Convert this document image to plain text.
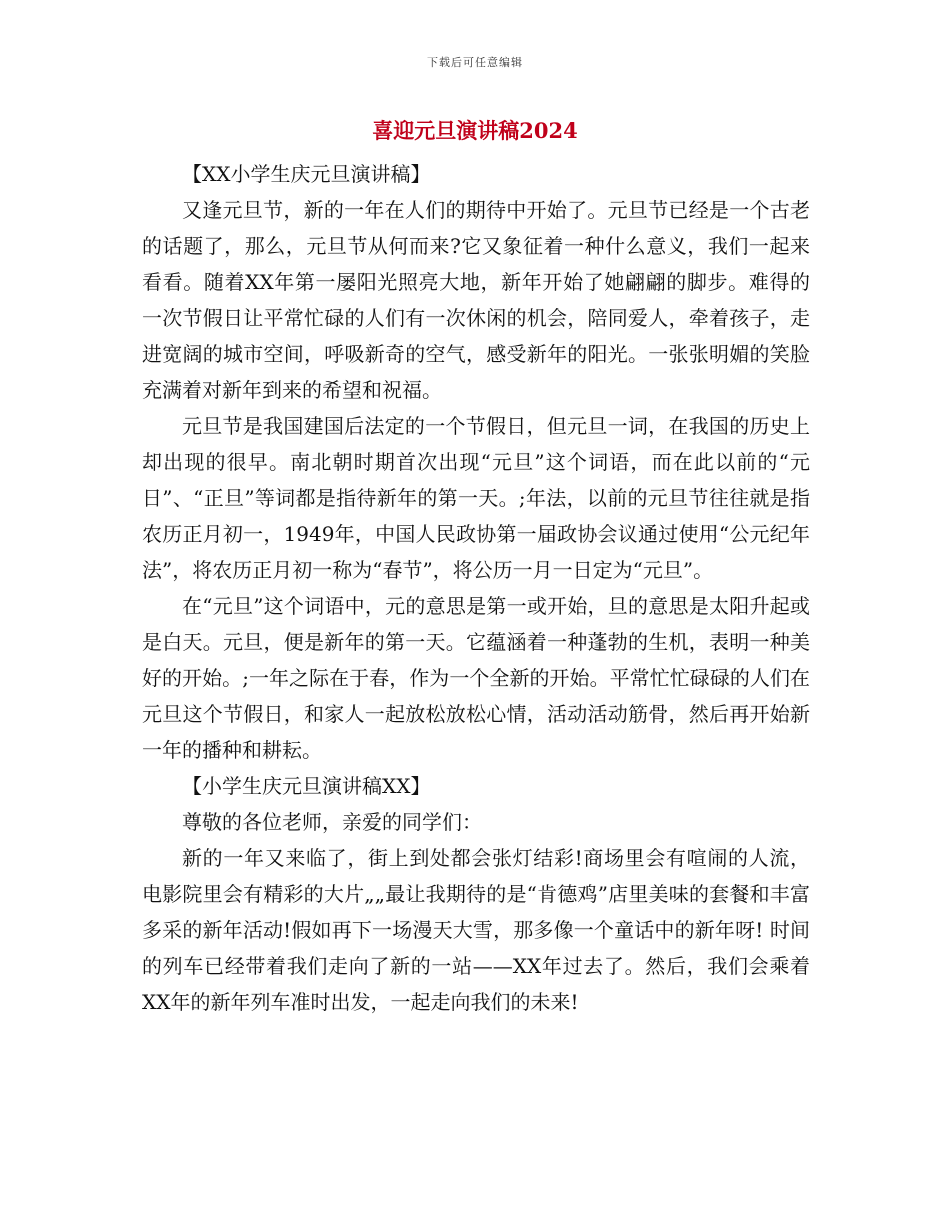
下载后可任意编辑
喜迎元旦演讲稿2024

【XX小学生庆元旦演讲稿】

又逢元旦节，新的一年在人们的期待中开始了。元旦节已经是一个古老的话题了，那么，元旦节从何而来?它又象征着一种什么意义，我们一起来看看。随着XX年第一屡阳光照亮大地，新年开始了她翩翩的脚步。难得的一次节假日让平常忙碌的人们有一次休闲的机会，陪同爱人，牵着孩子，走进宽阔的城市空间，呼吸新奇的空气，感受新年的阳光。一张张明媚的笑脸充满着对新年到来的希望和祝福。

元旦节是我国建国后法定的一个节假日，但元旦一词，在我国的历史上却出现的很早。南北朝时期首次出现“元旦”这个词语，而在此以前的“元日”、“正旦”等词都是指待新年的第一天。;年法，以前的元旦节往往就是指农历正月初一，1949年，中国人民政协第一届政协会议通过使用“公元纪年法”，将农历正月初一称为“春节”，将公历一月一日定为“元旦”。

在“元旦”这个词语中，元的意思是第一或开始，旦的意思是太阳升起或是白天。元旦，便是新年的第一天。它蕴涵着一种蓬勃的生机，表明一种美好的开始。;一年之际在于春，作为一个全新的开始。平常忙忙碌碌的人们在元旦这个节假日，和家人一起放松放松心情，活动活动筋骨，然后再开始新一年的播种和耕耘。

【小学生庆元旦演讲稿XX】

尊敬的各位老师，亲爱的同学们：

新的一年又来临了，街上到处都会张灯结彩!商场里会有喧闹的人流，电影院里会有精彩的大片„„最让我期待的是“肯德鸡”店里美味的套餐和丰富多采的新年活动!假如再下一场漫天大雪，那多像一个童话中的新年呀! 时间的列车已经带着我们走向了新的一站——XX年过去了。然后，我们会乘着XX年的新年列车准时出发，一起走向我们的未来!
